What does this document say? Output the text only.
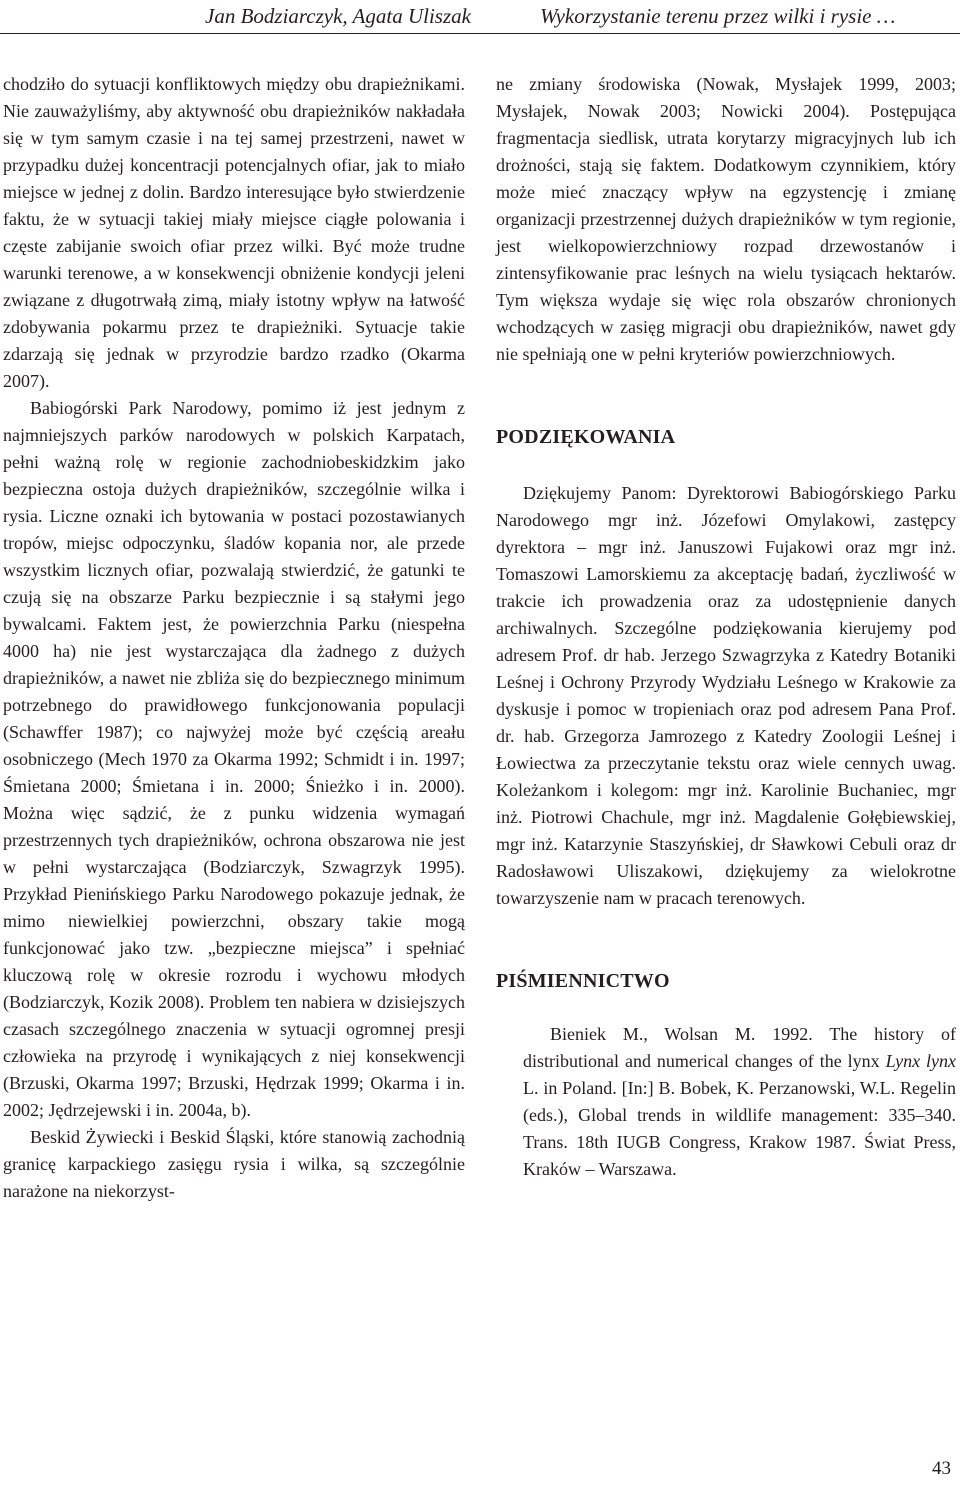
Jan Bodziarczyk, Agata Uliszak	Wykorzystanie terenu przez wilki i rysie …

chodziło do sytuacji konfliktowych między obu drapieżnikami. Nie zauważyliśmy, aby aktywność obu drapieżników nakładała się w tym samym czasie i na tej samej przestrzeni, nawet w przypadku dużej koncentracji potencjalnych ofiar, jak to miało miejsce w jednej z dolin. Bardzo interesujące było stwierdzenie faktu, że w sytuacji takiej miały miejsce ciągłe polowania i częste zabijanie swoich ofiar przez wilki. Być może trudne warunki terenowe, a w konsekwencji obniżenie kondycji jeleni związane z długotrwałą zimą, miały istotny wpływ na łatwość zdobywania pokarmu przez te drapieżniki. Sytuacje takie zdarzają się jednak w przyrodzie bardzo rzadko (Okarma 2007).

Babiogórski Park Narodowy, pomimo iż jest jednym z najmniejszych parków narodowych w polskich Karpatach, pełni ważną rolę w regionie zachodniobeskidzkim jako bezpieczna ostoja dużych drapieżników, szczególnie wilka i rysia. Liczne oznaki ich bytowania w postaci pozostawianych tropów, miejsc odpoczynku, śladów kopania nor, ale przede wszystkim licznych ofiar, pozwalają stwierdzić, że gatunki te czują się na obszarze Parku bezpiecznie i są stałymi jego bywalcami. Faktem jest, że powierzchnia Parku (niespełna 4000 ha) nie jest wystarczająca dla żadnego z dużych drapieżników, a nawet nie zbliża się do bezpiecznego minimum potrzebnego do prawidłowego funkcjonowania populacji (Schawffer 1987); co najwyżej może być częścią areału osobniczego (Mech 1970 za Okarma 1992; Schmidt i in. 1997; Śmietana 2000; Śmietana i in. 2000; Śnieżko i in. 2000). Można więc sądzić, że z punku widzenia wymagań przestrzennych tych drapieżników, ochrona obszarowa nie jest w pełni wystarczająca (Bodziarczyk, Szwagrzyk 1995). Przykład Pienińskiego Parku Narodowego pokazuje jednak, że mimo niewielkiej powierzchni, obszary takie mogą funkcjonować jako tzw. „bezpieczne miejsca” i spełniać kluczową rolę w okresie rozrodu i wychowu młodych (Bodziarczyk, Kozik 2008). Problem ten nabiera w dzisiejszych czasach szczególnego znaczenia w sytuacji ogromnej presji człowieka na przyrodę i wynikających z niej konsekwencji (Brzuski, Okarma 1997; Brzuski, Hędrzak 1999; Okarma i in. 2002; Jędrzejewski i in. 2004a, b).

Beskid Żywiecki i Beskid Śląski, które stanowią zachodnią granicę karpackiego zasięgu rysia i wilka, są szczególnie narażone na niekorzyst-

ne zmiany środowiska (Nowak, Mysłajek 1999, 2003; Mysłajek, Nowak 2003; Nowicki 2004). Postępująca fragmentacja siedlisk, utrata korytarzy migracyjnych lub ich drożności, stają się faktem. Dodatkowym czynnikiem, który może mieć znaczący wpływ na egzystencję i zmianę organizacji przestrzennej dużych drapieżników w tym regionie, jest wielkopowierzchniowy rozpad drzewostanów i zintensyfikowanie prac leśnych na wielu tysiącach hektarów. Tym większa wydaje się więc rola obszarów chronionych wchodzących w zasięg migracji obu drapieżników, nawet gdy nie spełniają one w pełni kryteriów powierzchniowych.

PODZIĘKOWANIA

Dziękujemy Panom: Dyrektorowi Babiogórskiego Parku Narodowego mgr inż. Józefowi Omylakowi, zastępcy dyrektora – mgr inż. Januszowi Fujakowi oraz mgr inż. Tomaszowi Lamorskiemu za akceptację badań, życzliwość w trakcie ich prowadzenia oraz za udostępnienie danych archiwalnych. Szczególne podziękowania kierujemy pod adresem Prof. dr hab. Jerzego Szwagrzyka z Katedry Botaniki Leśnej i Ochrony Przyrody Wydziału Leśnego w Krakowie za dyskusje i pomoc w tropieniach oraz pod adresem Pana Prof. dr. hab. Grzegorza Jamrozego z Katedry Zoologii Leśnej i Łowiectwa za przeczytanie tekstu oraz wiele cennych uwag. Koleżankom i kolegom: mgr inż. Karolinie Buchaniec, mgr inż. Piotrowi Chachule, mgr inż. Magdalenie Gołębiewskiej, mgr inż. Katarzynie Staszyńskiej, dr Sławkowi Cebuli oraz dr Radosławowi Uliszakowi, dziękujemy za wielokrotne towarzyszenie nam w pracach terenowych.

PIŚMIENNICTWO

Bieniek M., Wolsan M. 1992. The history of distributional and numerical changes of the lynx Lynx lynx L. in Poland. [In:] B. Bobek, K. Perzanowski, W.L. Regelin (eds.), Global trends in wildlife management: 335–340. Trans. 18th IUGB Congress, Krakow 1987. Świat Press, Kraków – Warszawa.

43
